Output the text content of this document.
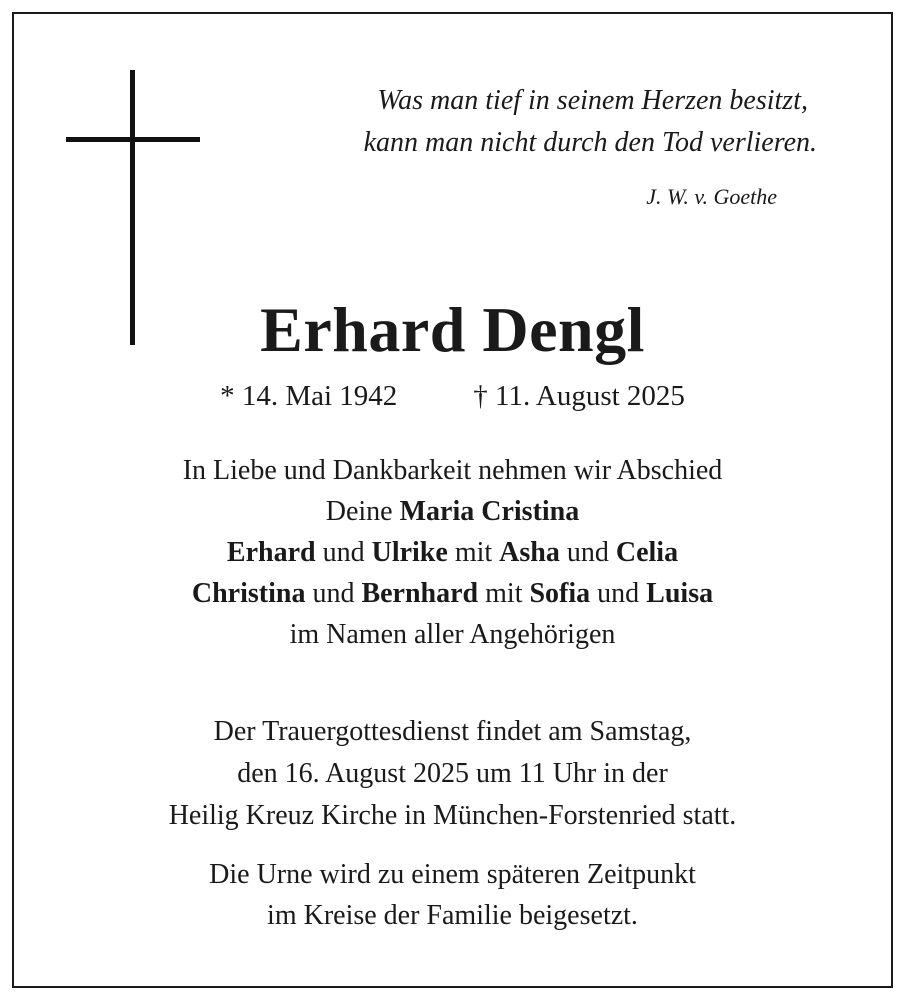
Was man tief in seinem Herzen besitzt,
kann man nicht durch den Tod verlieren.
J. W. v. Goethe
Erhard Dengl
* 14. Mai 1942	† 11. August 2025
In Liebe und Dankbarkeit nehmen wir Abschied
Deine Maria Cristina
Erhard und Ulrike mit Asha und Celia
Christina und Bernhard mit Sofia und Luisa
im Namen aller Angehörigen
Der Trauergottesdienst findet am Samstag,
den 16. August 2025 um 11 Uhr in der
Heilig Kreuz Kirche in München-Forstenried statt.
Die Urne wird zu einem späteren Zeitpunkt
im Kreise der Familie beigesetzt.
